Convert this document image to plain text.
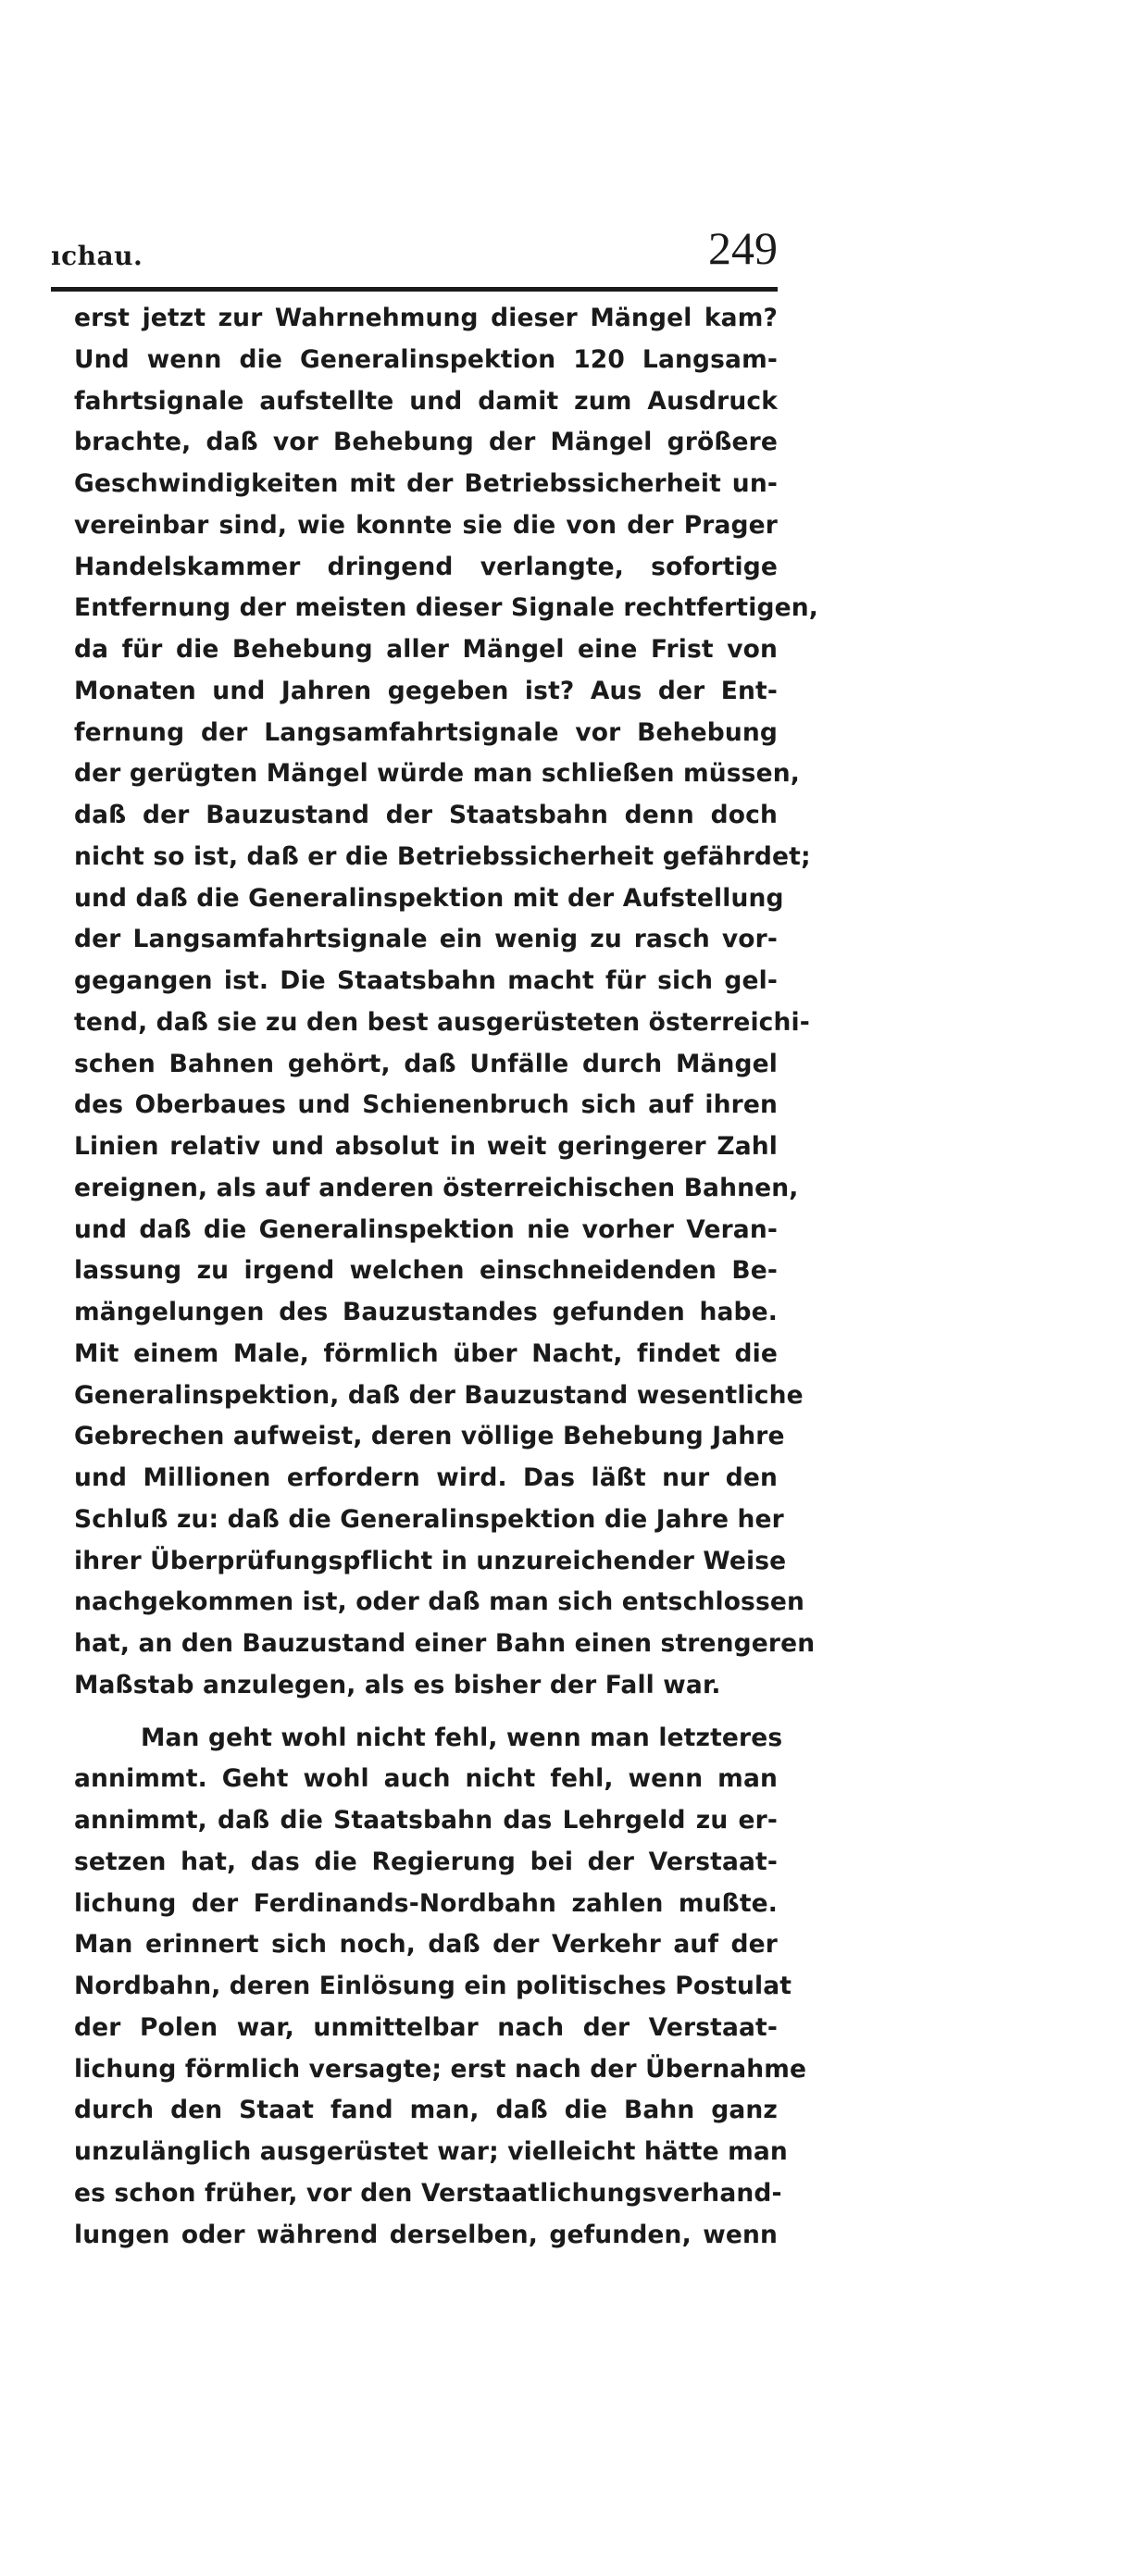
ıchau.	249
erst jetzt zur Wahrnehmung dieser Mängel kam?
Und wenn die Generalinspektion 120 Langsam-
fahrtsignale aufstellte und damit zum Ausdruck
brachte, daß vor Behebung der Mängel größere
Geschwindigkeiten mit der Betriebssicherheit un-
vereinbar sind, wie konnte sie die von der Prager
Handelskammer dringend verlangte, sofortige
Entfernung der meisten dieser Signale rechtfertigen,
da für die Behebung aller Mängel eine Frist von
Monaten und Jahren gegeben ist? Aus der Ent-
fernung der Langsamfahrtsignale vor Behebung
der gerügten Mängel würde man schließen müssen,
daß der Bauzustand der Staatsbahn denn doch
nicht so ist, daß er die Betriebssicherheit gefährdet;
und daß die Generalinspektion mit der Aufstellung
der Langsamfahrtsignale ein wenig zu rasch vor-
gegangen ist. Die Staatsbahn macht für sich gel-
tend, daß sie zu den best ausgerüsteten österreichi-
schen Bahnen gehört, daß Unfälle durch Mängel
des Oberbaues und Schienenbruch sich auf ihren
Linien relativ und absolut in weit geringerer Zahl
ereignen, als auf anderen österreichischen Bahnen,
und daß die Generalinspektion nie vorher Veran-
lassung zu irgend welchen einschneidenden Be-
mängelungen des Bauzustandes gefunden habe.
Mit einem Male, förmlich über Nacht, findet die
Generalinspektion, daß der Bauzustand wesentliche
Gebrechen aufweist, deren völlige Behebung Jahre
und Millionen erfordern wird. Das läßt nur den
Schluß zu: daß die Generalinspektion die Jahre her
ihrer Überprüfungspflicht in unzureichender Weise
nachgekommen ist, oder daß man sich entschlossen
hat, an den Bauzustand einer Bahn einen strengeren
Maßstab anzulegen, als es bisher der Fall war.
Man geht wohl nicht fehl, wenn man letzteres
annimmt. Geht wohl auch nicht fehl, wenn man
annimmt, daß die Staatsbahn das Lehrgeld zu er-
setzen hat, das die Regierung bei der Verstaat-
lichung der Ferdinands-Nordbahn zahlen mußte.
Man erinnert sich noch, daß der Verkehr auf der
Nordbahn, deren Einlösung ein politisches Postulat
der Polen war, unmittelbar nach der Verstaat-
lichung förmlich versagte; erst nach der Übernahme
durch den Staat fand man, daß die Bahn ganz
unzulänglich ausgerüstet war; vielleicht hätte man
es schon früher, vor den Verstaatlichungsverhand-
lungen oder während derselben, gefunden, wenn
